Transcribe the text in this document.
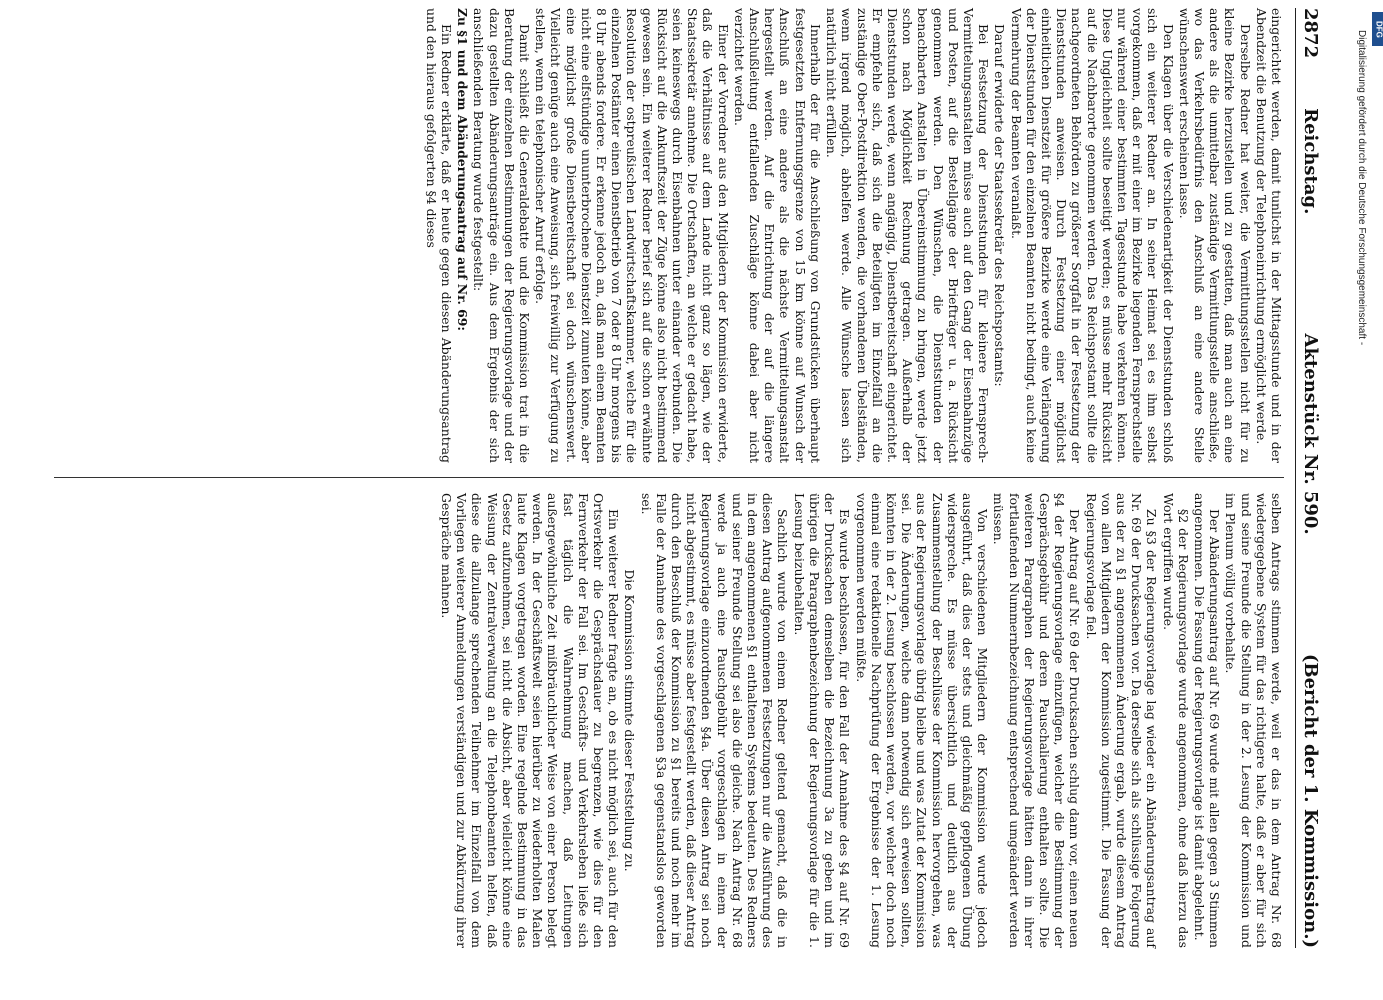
2872
Reichstag.
Aktenstück Nr. 590.
(Bericht der 1. Kommission.)

eingerichtet werden, damit tunlichst in der Mittagsstunde und in der Abendzeit die Benutzung der Telephoneinrichtung ermöglicht werde.

Derselbe Redner hat weiter, die Vermittlungsstellen nicht für zu kleine Bezirke herzustellen und zu gestatten, daß man auch an eine andere als die unmittelbar zuständige Vermittlungsstelle anschließe, wo das Verkehrsbedürfnis den Anschluß an eine andere Stelle wünschenswert erscheinen lasse.

Den Klagen über die Verschiedenartigkeit der Dienststunden schloß sich ein weiterer Redner an. In seiner Heimat sei es ihm selbst vorgekommen, daß er mit einer im Bezirke liegenden Fernsprechstelle nur während einer bestimmten Tagesstunde habe verkehren können. Diese Ungleichheit sollte beseitigt werden; es müsse mehr Rücksicht auf die Nachbarorte genommen werden. Das Reichspostamt sollte die nachgeordneten Behörden zu größerer Sorgfalt in der Festsetzung der Dienststunden anweisen. Durch Festsetzung einer möglichst einheitlichen Dienstzeit für größere Bezirke werde eine Verlängerung der Dienststunden für den einzelnen Beamten nicht bedingt, auch keine Vermehrung der Beamten veranlaßt.

Darauf erwiderte der Staatssekretär des Reichspostamts:

Bei Festsetzung der Dienststunden für kleinere Fernsprech-Vermittelungsanstalten müsse auch auf den Gang der Eisenbahnzüge und Posten, auf die Bestellgänge der Briefträger u. a. Rücksicht genommen werden. Den Wünschen, die Dienststunden der benachbarten Anstalten in Übereinstimmung zu bringen, werde jetzt schon nach Möglichkeit Rechnung getragen. Außerhalb der Dienststunden werde, wenn angängig, Dienstbereitschaft eingerichtet. Er empfehle sich, daß sich die Beteiligten im Einzelfall an die zuständige Ober-Postdirektion wenden, die vorhandenen Übelständen, wenn irgend möglich, abhelfen werde. Alle Wünsche lassen sich natürlich nicht erfüllen.

Innerhalb der für die Anschließung von Grundstücken überhaupt festgesetzten Entfernungsgrenze von 15 km könne auf Wunsch der Anschluß an eine andere als die nächste Vermittelungsanstalt hergestellt werden. Auf die Entrichtung der auf die längere Anschlußleitung entfallenden Zuschläge könne dabei aber nicht verzichtet werden.

Einer der Vorredner aus den Mitgliedern der Kommission erwiderte, daß die Verhältnisse auf dem Lande nicht ganz so lägen, wie der Staatssekretär annehme. Die Ortschaften, an welche er gedacht habe, seien keineswegs durch Eisenbahnen unter einander verbunden. Die Rücksicht auf die Ankunftszeit der Züge könne also nicht bestimmend gewesen sein. Ein weiterer Redner berief sich auf die schon erwähnte Resolution der ostpreußischen Landwirtschaftskammer, welche für die einzelnen Postämter einen Dienstbetrieb von 7 oder 8 Uhr morgens bis 8 Uhr abends fordere. Er erkenne jedoch an, daß man einem Beamten nicht eine elfstündige ununterbrochene Dienstzeit zumuten könne, aber eine möglichst große Dienstbereitschaft sei doch wünschenswert. Vielleicht genüge auch eine Anweisung, sich freiwillig zur Verfügung zu stellen, wenn ein telephonischer Anruf erfolge.

Damit schließt die Generaldebatte und die Kommission trat in die Beratung der einzelnen Bestimmungen der Regierungsvorlage und der dazu gestellten Abänderungsanträge ein. Aus dem Ergebnis der sich anschließenden Beratung wurde festgestellt:

Zu §1 und dem Abänderungsantrag auf Nr. 69:

Ein Redner erklärte, daß er heute gegen diesen Abänderungsantrag und den hieraus gefolgerten §4 dieses

selben Antrags stimmen werde, weil er das in dem Antrag Nr. 68 wiedergegebene System für das richtigere halte, daß er aber für sich und seine Freunde die Stellung in der 2. Lesung der Kommission und im Plenum völlig vorbehalte.

Der Abänderungsantrag auf Nr. 69 wurde mit allen gegen 3 Stimmen angenommen. Die Fassung der Regierungsvorlage ist damit abgelehnt.

§2 der Regierungsvorlage wurde angenommen, ohne daß hierzu das Wort ergriffen wurde.

Zu §3 der Regierungsvorlage lag wieder ein Abänderungsantrag auf Nr. 69 der Drucksachen vor. Da derselbe sich als schlüssige Folgerung aus der zu §1 angenommenen Änderung ergab, wurde diesem Antrag von allen Mitgliedern der Kommission zugestimmt. Die Fassung der Regierungsvorlage fiel.

Der Antrag auf Nr. 69 der Drucksachen schlug dann vor, einen neuen §4 der Regierungsvorlage einzufügen, welcher die Bestimmung der Gesprächsgebühr und deren Pauschalierung enthalten sollte. Die weiteren Paragraphen der Regierungsvorlage hätten dann in ihrer fortlaufenden Nummernbezeichnung entsprechend umgeändert werden müssen.

Von verschiedenen Mitgliedern der Kommission wurde jedoch ausgeführt, daß dies der stets und gleichmäßig gepflogenen Übung widerspreche. Es müsse übersichtlich und deutlich aus der Zusammenstellung der Beschlüsse der Kommission hervorgehen, was aus der Regierungsvorlage übrig bleibe und was Zutat der Kommission sei. Die Änderungen, welche dann notwendig sich erweisen sollten, könnten in der 2. Lesung beschlossen werden, vor welcher doch noch einmal eine redaktionelle Nachprüfung der Ergebnisse der 1. Lesung vorgenommen werden müßte.

Es wurde beschlossen, für den Fall der Annahme des §4 auf Nr. 69 der Drucksachen demselben die Bezeichnung 3a zu geben und im übrigen die Paragraphenbezeichnung der Regierungsvorlage für die 1. Lesung beizubehalten.

Sachlich wurde von einem Redner geltend gemacht, daß die in diesen Antrag aufgenommenen Festsetzungen nur die Ausführung des in dem angenommenen §1 enthaltenen Systems bedeuten. Des Redners und seiner Freunde Stellung sei also die gleiche. Nach Antrag Nr. 68 werde ja auch eine Pauschgebühr vorgeschlagen in einem der Regierungsvorlage einzuordnenden §4a. Über diesen Antrag sei noch nicht abgestimmt, es müsse aber festgestellt werden, daß dieser Antrag durch den Beschluß der Kommission zu §1 bereits und noch mehr im Falle der Annahme des vorgeschlagenen §3a gegenstandslos geworden sei.

Die Kommission stimmte dieser Feststellung zu.

Ein weiterer Redner fragte an, ob es nicht möglich sei, auch für den Ortsverkehr die Gesprächsdauer zu begrenzen, wie dies für den Fernverkehr der Fall sei. Im Geschäfts- und Verkehrsleben ließe sich fast täglich die Wahrnehmung machen, daß Leitungen außergewöhnliche Zeit mißbräuchlicher Weise von einer Person belegt werden. In der Geschäftswelt seien hierüber zu wiederholten Malen laute Klagen vorgetragen worden. Eine regelnde Bestimmung in das Gesetz aufzunehmen, sei nicht die Absicht, aber vielleicht könne eine Weisung der Zentralverwaltung an die Telephonbeamten helfen, daß diese die allzulange sprechenden Teilnehmer im Einzelfall von dem Vorliegen weiterer Anmeldungen verständigen und zur Abkürzung ihrer Gespräche mahnen.

DFG
Digitalisierung gefördert durch die Deutsche Forschungsgemeinschaft -
